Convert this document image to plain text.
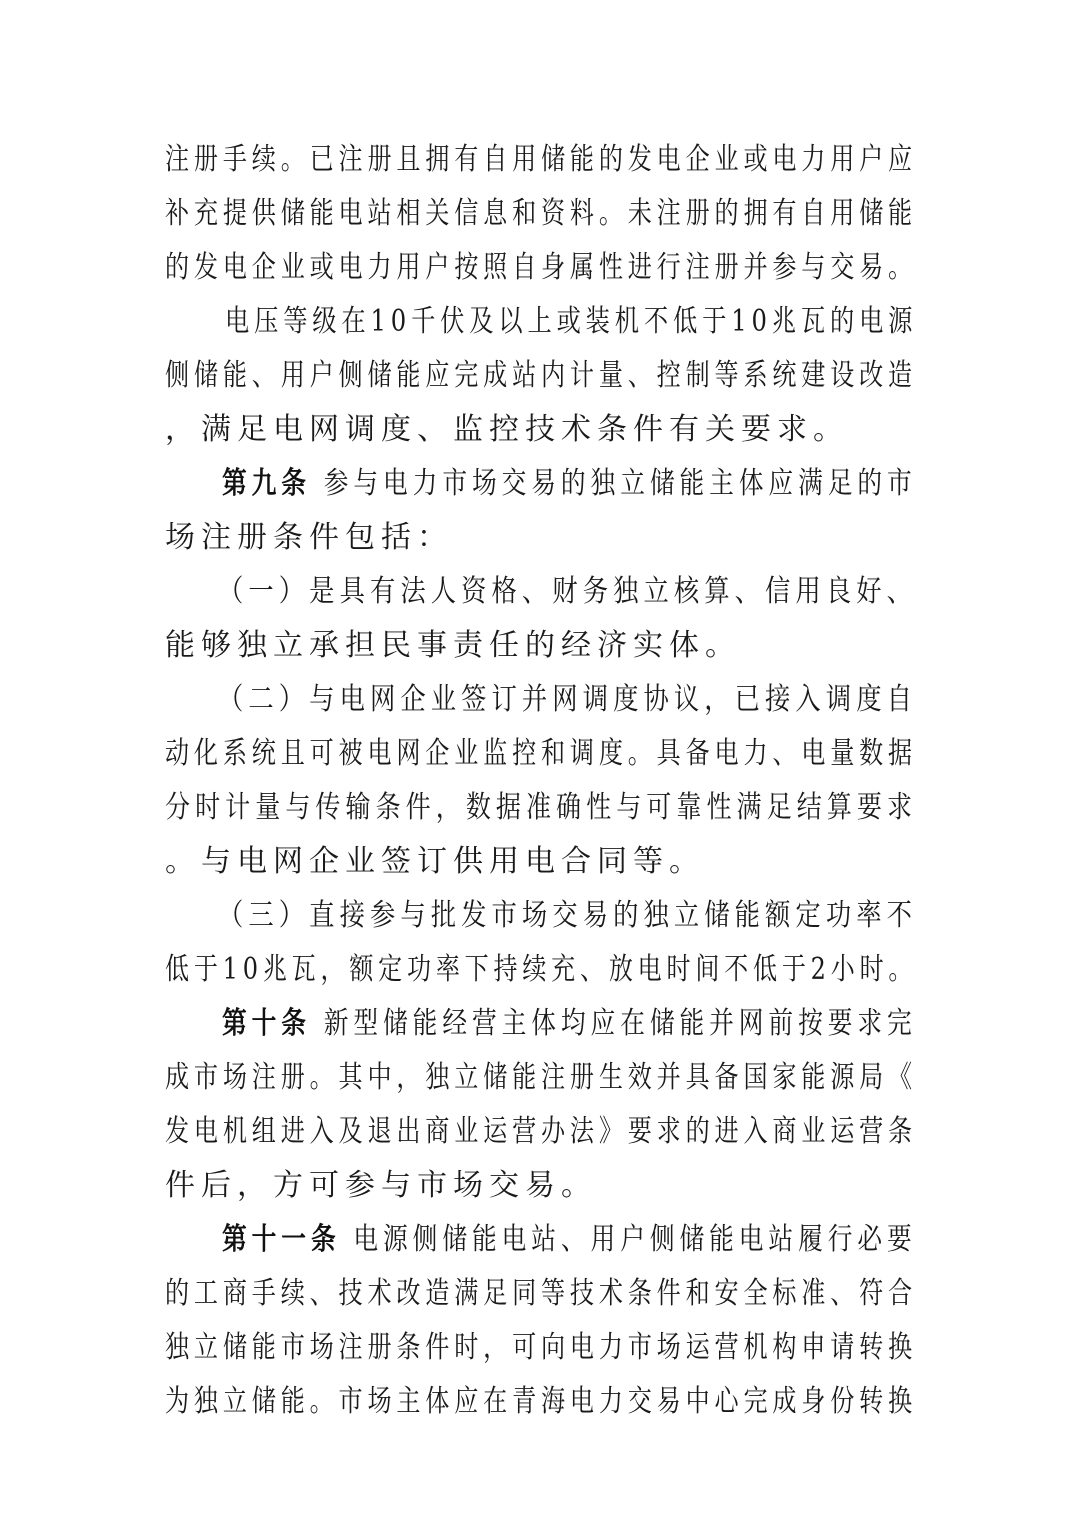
注册手续。已注册且拥有自用储能的发电企业或电力用户应
补充提供储能电站相关信息和资料。未注册的拥有自用储能
的发电企业或电力用户按照自身属性进行注册并参与交易。
电压等级在10千伏及以上或装机不低于10兆瓦的电源
侧储能、用户侧储能应完成站内计量、控制等系统建设改造
，满足电网调度、监控技术条件有关要求。
第九条 参与电力市场交易的独立储能主体应满足的市
场注册条件包括：
（一）是具有法人资格、财务独立核算、信用良好、
能够独立承担民事责任的经济实体。
（二）与电网企业签订并网调度协议，已接入调度自
动化系统且可被电网企业监控和调度。具备电力、电量数据
分时计量与传输条件，数据准确性与可靠性满足结算要求
。与电网企业签订供用电合同等。
（三）直接参与批发市场交易的独立储能额定功率不
低于10兆瓦，额定功率下持续充、放电时间不低于2小时。
第十条 新型储能经营主体均应在储能并网前按要求完
成市场注册。其中，独立储能注册生效并具备国家能源局《
发电机组进入及退出商业运营办法》要求的进入商业运营条
件后，方可参与市场交易。
第十一条 电源侧储能电站、用户侧储能电站履行必要
的工商手续、技术改造满足同等技术条件和安全标准、符合
独立储能市场注册条件时，可向电力市场运营机构申请转换
为独立储能。市场主体应在青海电力交易中心完成身份转换
